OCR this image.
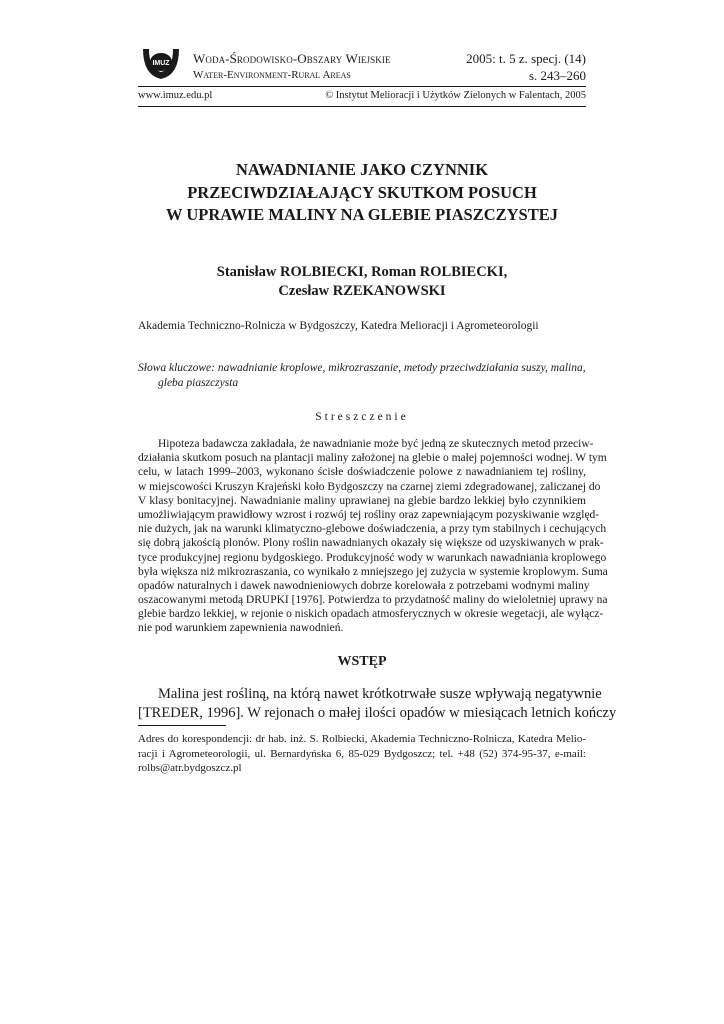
IMUZ Woda-Środowisko-Obszary Wiejskie
Water-Environment-Rural Areas
2005: t. 5 z. specj. (14)
s. 243–260
www.imuz.edu.pl	© Instytut Melioracji i Użytków Zielonych w Falentach, 2005
NAWADNIANIE JAKO CZYNNIK
PRZECIWDZIAŁAJĄCY SKUTKOM POSUCH
W UPRAWIE MALINY NA GLEBIE PIASZCZYSTEJ
Stanisław ROLBIECKI, Roman ROLBIECKI,
Czesław RZEKANOWSKI
Akademia Techniczno-Rolnicza w Bydgoszczy, Katedra Melioracji i Agrometeorologii
Słowa kluczowe: nawadnianie kroplowe, mikrozraszanie, metody przeciwdziałania suszy, malina,
gleba piaszczysta
Streszczenie
Hipoteza badawcza zakładała, że nawadnianie może być jedną ze skutecznych metod przeciw-
działania skutkom posuch na plantacji maliny założonej na glebie o małej pojemności wodnej. W tym
celu, w latach 1999–2003, wykonano ścisłe doświadczenie polowe z nawadnianiem tej rośliny,
w miejscowości Kruszyn Krajeński koło Bydgoszczy na czarnej ziemi zdegradowanej, zaliczanej do
V klasy bonitacyjnej. Nawadnianie maliny uprawianej na glebie bardzo lekkiej było czynnikiem
umożliwiającym prawidłowy wzrost i rozwój tej rośliny oraz zapewniającym pozyskiwanie względ-
nie dużych, jak na warunki klimatyczno-glebowe doświadczenia, a przy tym stabilnych i cechujących
się dobrą jakością plonów. Plony roślin nawadnianych okazały się większe od uzyskiwanych w prak-
tyce produkcyjnej regionu bydgoskiego. Produkcyjność wody w warunkach nawadniania kroplowego
była większa niż mikrozraszania, co wynikało z mniejszego jej zużycia w systemie kroplowym. Suma
opadów naturalnych i dawek nawodnieniowych dobrze korelowała z potrzebami wodnymi maliny
oszacowanymi metodą DRUPKI [1976]. Potwierdza to przydatność maliny do wieloletniej uprawy na
glebie bardzo lekkiej, w rejonie o niskich opadach atmosferycznych w okresie wegetacji, ale wyłącz-
nie pod warunkiem zapewnienia nawodnień.
WSTĘP
Malina jest rośliną, na którą nawet krótkotrwałe susze wpływają negatywnie
[TREDER, 1996]. W rejonach o małej ilości opadów w miesiącach letnich kończy
Adres do korespondencji: dr hab. inż. S. Rolbiecki, Akademia Techniczno-Rolnicza, Katedra Melio-
racji i Agrometeorologii, ul. Bernardyńska 6, 85-029 Bydgoszcz; tel. +48 (52) 374-95-37, e-mail:
rolbs@atr.bydgoszcz.pl
